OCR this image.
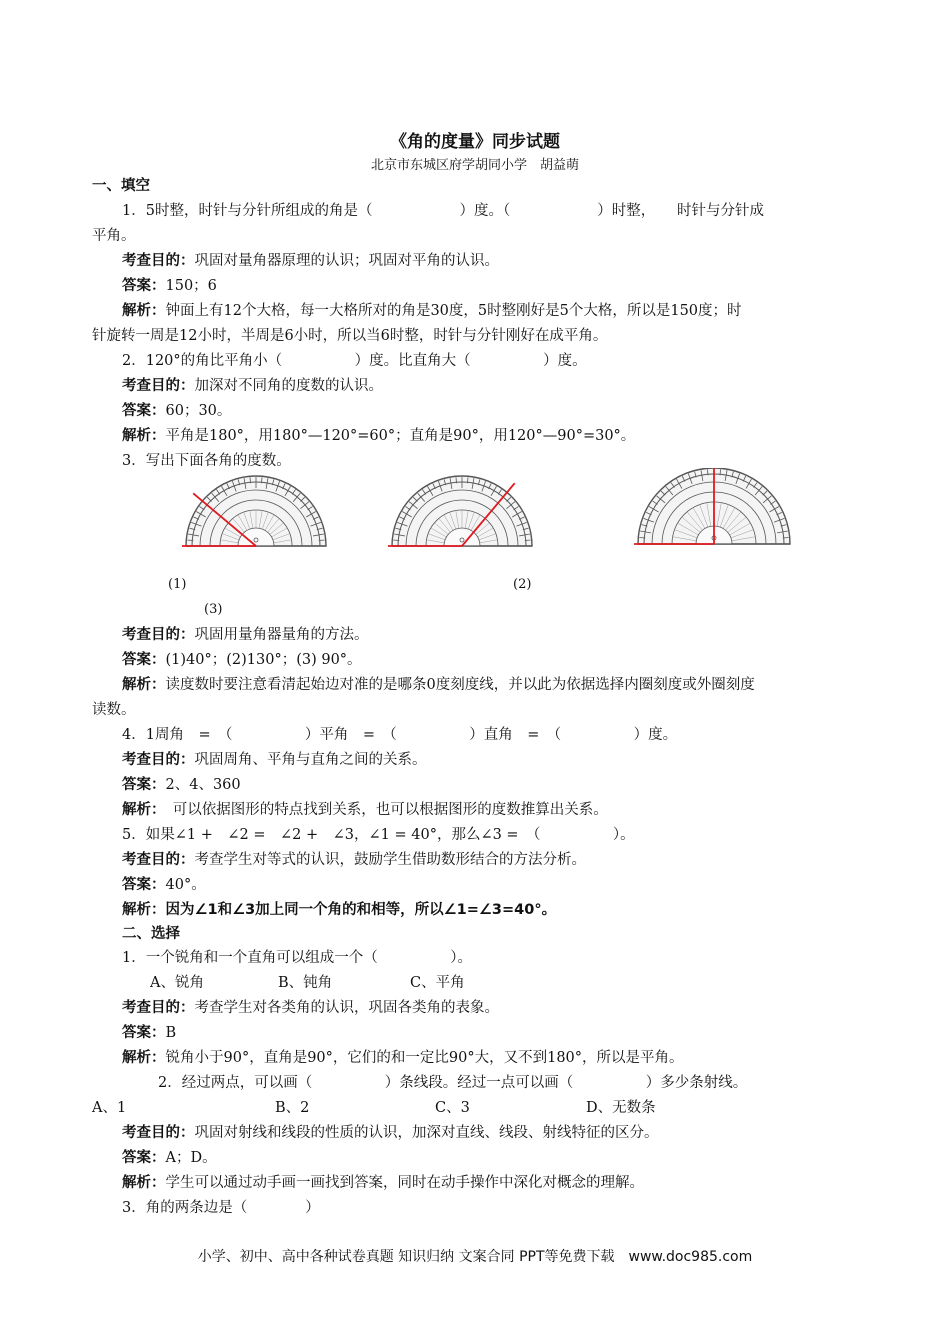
《角的度量》同步试题
北京市东城区府学胡同小学　胡益萌
一、填空
1．5时整，时针与分针所组成的角是（　　　　　　）度。（　　　　　　）时整，　　时针与分针成
平角。
考查目的：巩固对量角器原理的认识；巩固对平角的认识。
答案：150；6
解析：钟面上有12个大格，每一大格所对的角是30度，5时整刚好是5个大格，所以是150度；时
针旋转一周是12小时，半周是6小时，所以当6时整，时针与分针刚好在成平角。
2．120°的角比平角小（　　　　　）度。比直角大（　　　　　）度。
考查目的：加深对不同角的度数的认识。
答案：60；30。
解析：平角是180°，用180°—120°=60°；直角是90°，用120°—90°=30°。
3．写出下面各角的度数。
(1)	(2)
(3)
考查目的：巩固用量角器量角的方法。
答案：(1)40°；(2)130°；(3) 90°。
解析：读度数时要注意看清起始边对准的是哪条0度刻度线，并以此为依据选择内圈刻度或外圈刻度
读数。
4．1周角　=　（　　　　　）平角　=　（　　　　　）直角　=　（　　　　　）度。
考查目的：巩固周角、平角与直角之间的关系。
答案：2、4、360
解析：　可以依据图形的特点找到关系，也可以根据图形的度数推算出关系。
5．如果∠1 +　∠2 =　∠2 +　∠3，∠1 = 40°，那么∠3 =　（　　　　　）。
考查目的：考查学生对等式的认识，鼓励学生借助数形结合的方法分析。
答案：40°。
解析：因为∠1和∠3加上同一个角的和相等，所以∠1=∠3=40°。
二、选择
1．一个锐角和一个直角可以组成一个（　　　　　）。
A、锐角	B、钝角	C、平角
考查目的：考查学生对各类角的认识，巩固各类角的表象。
答案：B
解析：锐角小于90°，直角是90°，它们的和一定比90°大，又不到180°，所以是平角。
2．经过两点，可以画（　　　　　）条线段。经过一点可以画（　　　　　）多少条射线。
A、1	B、2	C、3	D、无数条
考查目的：巩固对射线和线段的性质的认识，加深对直线、线段、射线特征的区分。
答案：A；D。
解析：学生可以通过动手画一画找到答案，同时在动手操作中深化对概念的理解。
3．角的两条边是（　　　　）
小学、初中、高中各种试卷真题 知识归纳 文案合同 PPT等免费下载　www.doc985.com
